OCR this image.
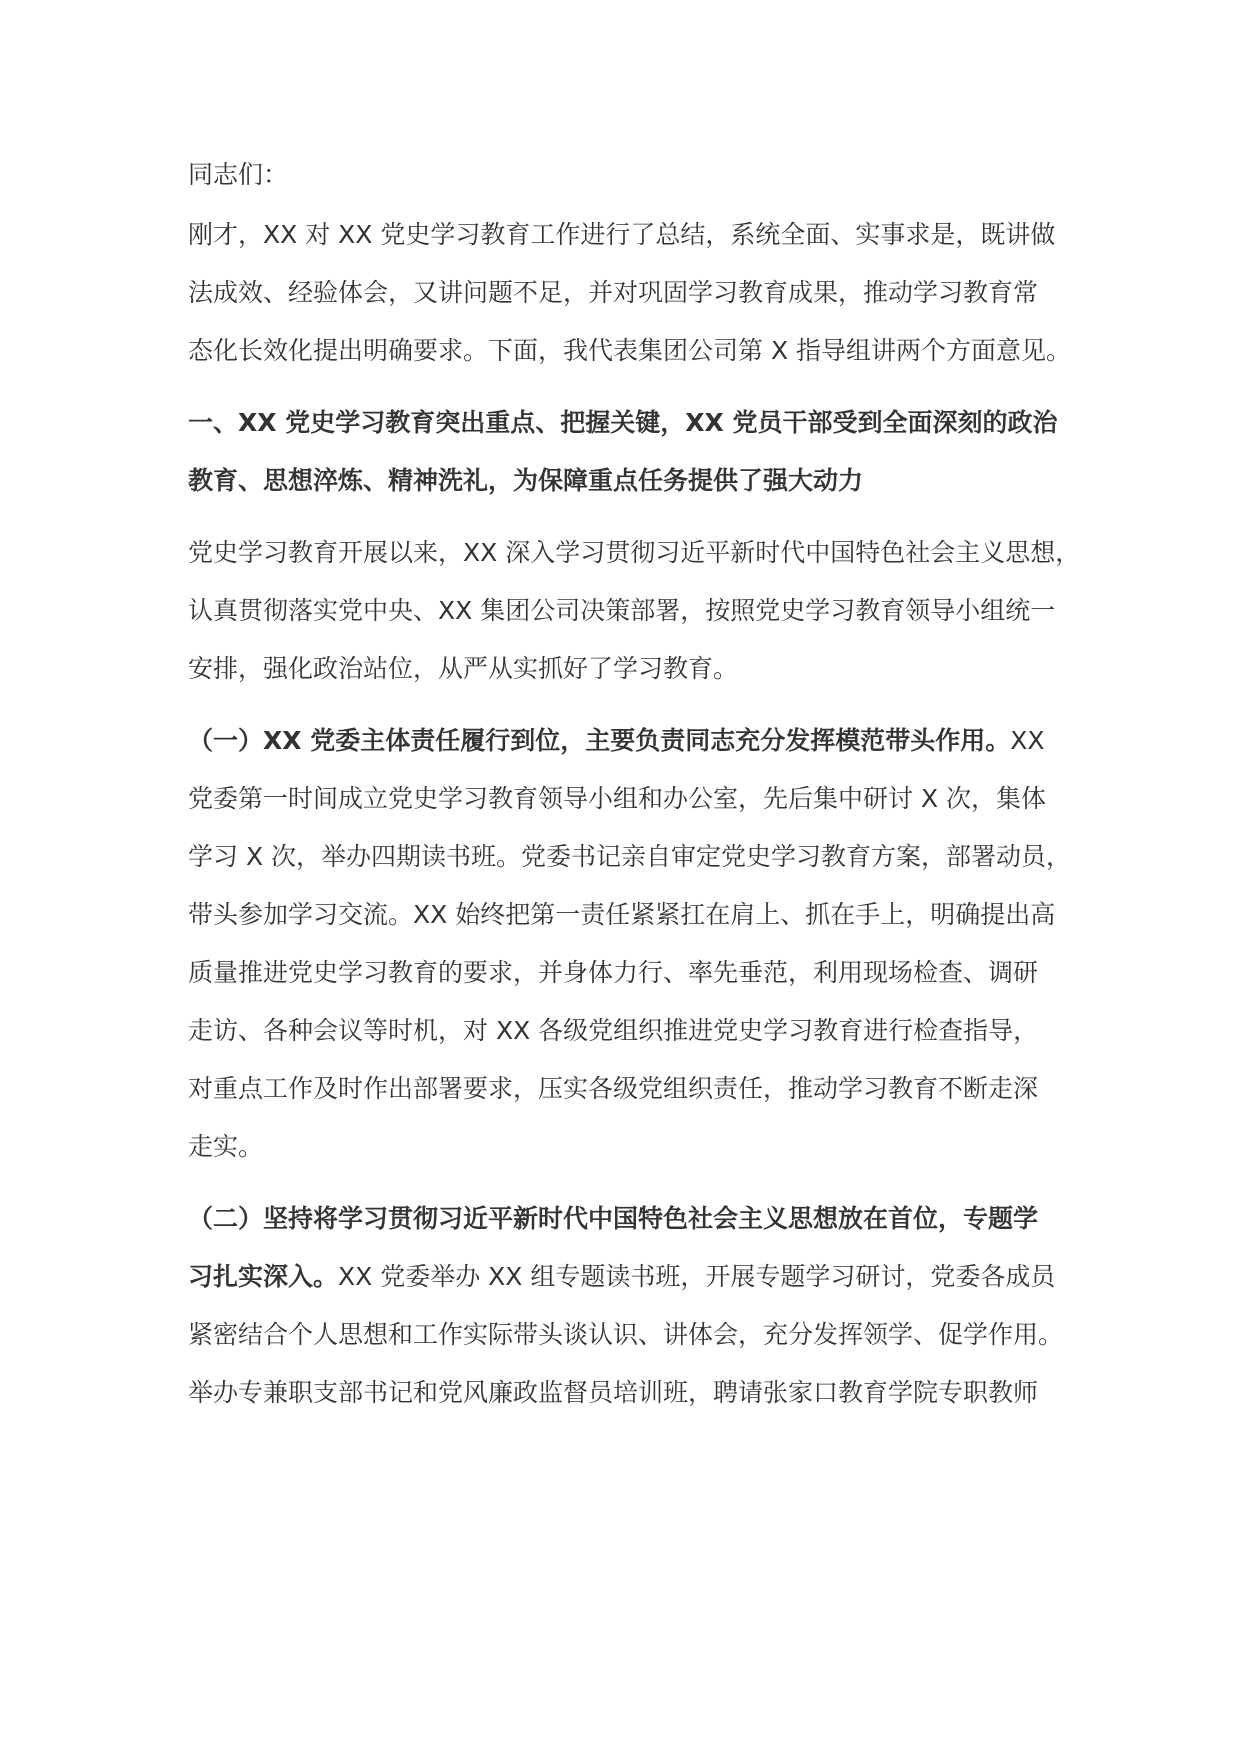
同志们：
刚才，XX 对 XX 党史学习教育工作进行了总结，系统全面、实事求是，既讲做
法成效、经验体会，又讲问题不足，并对巩固学习教育成果，推动学习教育常
态化长效化提出明确要求。下面，我代表集团公司第 X 指导组讲两个方面意见。
一、XX 党史学习教育突出重点、把握关键，XX 党员干部受到全面深刻的政治
教育、思想淬炼、精神洗礼，为保障重点任务提供了强大动力
党史学习教育开展以来，XX 深入学习贯彻习近平新时代中国特色社会主义思想，
认真贯彻落实党中央、XX 集团公司决策部署，按照党史学习教育领导小组统一
安排，强化政治站位，从严从实抓好了学习教育。
（一）XX 党委主体责任履行到位，主要负责同志充分发挥模范带头作用。XX
党委第一时间成立党史学习教育领导小组和办公室，先后集中研讨 X 次，集体
学习 X 次，举办四期读书班。党委书记亲自审定党史学习教育方案，部署动员，
带头参加学习交流。XX 始终把第一责任紧紧扛在肩上、抓在手上，明确提出高
质量推进党史学习教育的要求，并身体力行、率先垂范，利用现场检查、调研
走访、各种会议等时机，对 XX 各级党组织推进党史学习教育进行检查指导，
对重点工作及时作出部署要求，压实各级党组织责任，推动学习教育不断走深
走实。
（二）坚持将学习贯彻习近平新时代中国特色社会主义思想放在首位，专题学
习扎实深入。XX 党委举办 XX 组专题读书班，开展专题学习研讨，党委各成员
紧密结合个人思想和工作实际带头谈认识、讲体会，充分发挥领学、促学作用。
举办专兼职支部书记和党风廉政监督员培训班，聘请张家口教育学院专职教师
